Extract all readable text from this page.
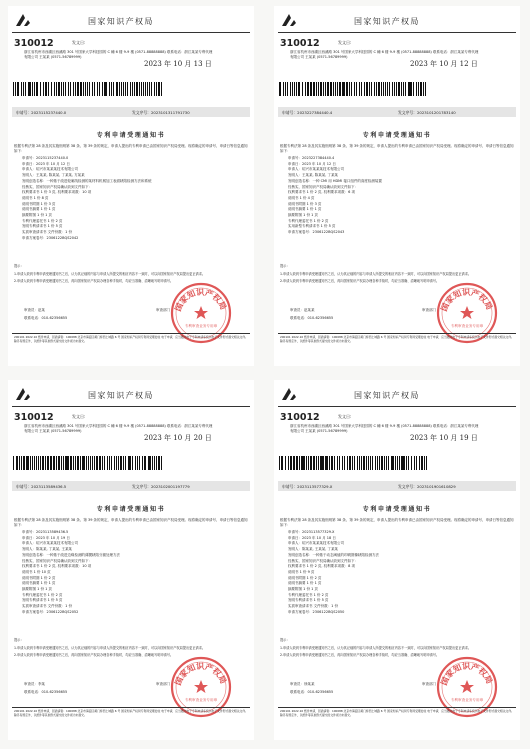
国家知识产权局
310012	发文日:
浙江省杭州市西湖区西溪路 301 号国家大学科技园的 C 幢 6 楼 9-9 楼 (0571-88888888) 联系电话：浙江某某专利代理有限公司 王某某 (0571-56789999)
2023 年 10 月 13 日
申请号：2023115237440.0	发文序号：2023101311791730
专利申请受理通知书
根据专利法第 28 条及其实施细则第 38 条、第 39 条的规定，申请人提出的专利申请已由国家知识产权局受理。现将确定的申请号、申请日等信息通知如下：
申请号：2023115237440.0
申请日：2023 年 10 月 12 日
申请人：绍兴市某某某技术有限公司
发明人：王某某, 陈某某, 丁某某, 方某某
发明创造名称：一种基于改进轮廓线检测的某材料机械加工表面缺陷检测方法和系统
经核实，国家知识产权局确认收到文件如下：
权利要求书 1 份 3 页, 权利要求项数：10 项
说明书 1 份 8 页
说明书附图 1 份 3 页
说明书摘要 1 份 1 页
摘要附图 1 份 1 页
专利代理委托书 1 份 2 页
发明专利请求书 1 份 5 页
实质审查请求书 文件份数：1 份
申请方案卷号：2306122BQS2042
提示：
1.申请人收到专利申请受理通知书之后，认为其记载的内容与申请人所提交的相应内容不一致时，可以向国家知识产权局提出更正请求。
2.申请人收到专利申请受理通知书之后，再向国家知识产权局办理各种手续时，均应当准确、清晰地写明申请号。
审查员：赵某
联系电话：010-62356655
审查部门 国家知识产权局
专利审查业务专用章
200101 2022.10 纸件申请，回函请寄：100088 北京市海淀区蓟门桥西土城路 6 号 国家知识产权局专利局受理处收 电子申请，应当通过电子专利申请系统以电子文件形式提交相关文件。除另有规定外，以纸件等其他形式提交的文件视为未提交。
国家知识产权局
310012	发文日:
浙江省杭州市西湖区西溪路 301 号国家大学科技园的 C 幢 6 楼 9-9 楼 (0571-88888888) 联系电话：浙江某某专利代理有限公司 王某某 (0571-56789999)
2023 年 10 月 12 日
申请号：2023227384440.4	发文序号：2023101201783140
专利申请受理通知书
根据专利法第 28 条及其实施细则第 38 条、第 39 条的规定，申请人提出的专利申请已由国家知识产权局受理。现将确定的申请号、申请日等信息通知如下：
申请号：2023227384440.4
申请日：2023 年 10 月 12 日
申请人：绍兴市某某某技术有限公司
发明人：王某某, 陈某某, 丁某某
发明创造名称：一种 CMI 用 HDMI 接口组件的高度检测装置
经核实，国家知识产权局确认收到文件如下：
权利要求书 1 份 2 页, 权利要求项数：6 项
说明书 1 份 4 页
说明书附图 1 份 3 页
说明书摘要 1 份 1 页
摘要附图 1 份 1 页
专利代理委托书 1 份 2 页
实用新型专利请求书 1 份 5 页
申请方案卷号：2306122BQS2043
提示：
1.申请人收到专利申请受理通知书之后，认为其记载的内容与申请人所提交的相应内容不一致时，可以向国家知识产权局提出更正请求。
2.申请人收到专利申请受理通知书之后，再向国家知识产权局办理各种手续时，均应当准确、清晰地写明申请号。
审查员：赵某某
联系电话：010-62356655
审查部门 国家知识产权局
专利审查业务专用章
200101 2022.10 纸件申请，回函请寄：100088 北京市海淀区蓟门桥西土城路 6 号 国家知识产权局专利局受理处收 电子申请，应当通过电子专利申请系统以电子文件形式提交相关文件。除另有规定外，以纸件等其他形式提交的文件视为未提交。
国家知识产权局
310012	发文日:
浙江省杭州市西湖区西溪路 301 号国家大学科技园的 C 幢 6 楼 9-9 楼 (0571-88888888) 联系电话：浙江某某专利代理有限公司 王某某 (0571-56789999)
2023 年 10 月 20 日
申请号：2023113589436.5	发文序号：2023102001197779
专利申请受理通知书
根据专利法第 28 条及其实施细则第 38 条、第 39 条的规定，申请人提出的专利申请已由国家知识产权局受理。现将确定的申请号、申请日等信息通知如下：
申请号：2023113589436.5
申请日：2023 年 10 月 19 日
申请人：绍兴市某某某技术有限公司
发明人：陈某某, 丁某某, 王某某
发明创造名称：一种基于改进边缘检测的薄膜缺陷分割处理方法
经核实，国家知识产权局确认收到文件如下：
权利要求书 1 份 2 页, 权利要求项数：10 项
说明书 1 份 10 页
说明书附图 1 份 2 页
说明书摘要 1 份 1 页
摘要附图 1 份 1 页
专利代理委托书 1 份 2 页
发明专利请求书 1 份 5 页
实质审查请求书 文件份数：1 份
申请方案卷号：2306122BQS2052
提示：
1.申请人收到专利申请受理通知书之后，认为其记载的内容与申请人所提交的相应内容不一致时，可以向国家知识产权局提出更正请求。
2.申请人收到专利申请受理通知书之后，再向国家知识产权局办理各种手续时，均应当准确、清晰地写明申请号。
审查员：李某
联系电话：010-62356655
审查部门 国家知识产权局
专利审查业务专用章
200101 2022.10 纸件申请，回函请寄：100088 北京市海淀区蓟门桥西土城路 6 号 国家知识产权局专利局受理处收 电子申请，应当通过电子专利申请系统以电子文件形式提交相关文件。除另有规定外，以纸件等其他形式提交的文件视为未提交。
国家知识产权局
310012	发文日:
浙江省杭州市西湖区西溪路 301 号国家大学科技园的 C 幢 6 楼 9-9 楼 (0571-88888888) 联系电话：浙江某某专利代理有限公司 王某某 (0571-56789999)
2023 年 10 月 19 日
申请号：2023113577329.X	发文序号：2023101901610829
专利申请受理通知书
根据专利法第 28 条及其实施细则第 38 条、第 39 条的规定，申请人提出的专利申请已由国家知识产权局受理。现将确定的申请号、申请日等信息通知如下：
申请号：2023113577329.X
申请日：2023 年 10 月 18 日
申请人：绍兴市某某某技术有限公司
发明人：陈某某, 王某某, 丁某某
发明创造名称：一种基于动态阈值的印刷图像缺陷检测方法
经核实，国家知识产权局确认收到文件如下：
权利要求书 1 份 2 页, 权利要求项数：8 项
说明书 1 份 9 页
说明书附图 1 份 2 页
说明书摘要 1 份 1 页
摘要附图 1 份 1 页
专利代理委托书 1 份 2 页
发明专利请求书 1 份 5 页
实质审查请求书 文件份数：1 份
申请方案卷号：2306122BQS2050
提示：
1.申请人收到专利申请受理通知书之后，认为其记载的内容与申请人所提交的相应内容不一致时，可以向国家知识产权局提出更正请求。
2.申请人收到专利申请受理通知书之后，再向国家知识产权局办理各种手续时，均应当准确、清晰地写明申请号。
审查员：徐某某
联系电话：010-62356655
审查部门 国家知识产权局
专利审查业务专用章
200101 2022.10 纸件申请，回函请寄：100088 北京市海淀区蓟门桥西土城路 6 号 国家知识产权局专利局受理处收 电子申请，应当通过电子专利申请系统以电子文件形式提交相关文件。除另有规定外，以纸件等其他形式提交的文件视为未提交。
